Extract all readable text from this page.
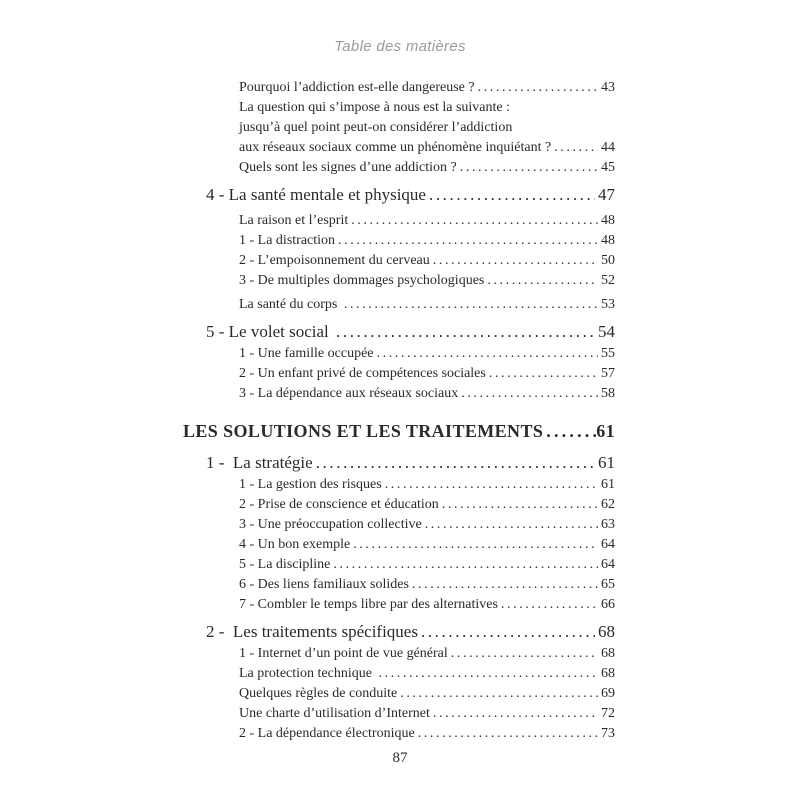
Table des matières
Pourquoi l’addiction est-elle dangereuse ? .....	43
La question qui s’impose à nous est la suivante :
jusqu’à quel point peut-on considérer l’addiction
aux réseaux sociaux comme un phénomène inquiétant ? .....	44
Quels sont les signes d’une addiction ? .....	45
4 - La santé mentale et physique .....	47
La raison et l’esprit .....	48
1 - La distraction .....	48
2 - L’empoisonnement du cerveau .....	50
3 - De multiples dommages psychologiques .....	52
La santé du corps .....	53
5 - Le volet social .....	54
1 - Une famille occupée .....	55
2 - Un enfant privé de compétences sociales .....	57
3 - La dépendance aux réseaux sociaux .....	58
LES SOLUTIONS ET LES TRAITEMENTS .....	61
1 -  La stratégie .....	61
1 - La gestion des risques .....	61
2 - Prise de conscience et éducation .....	62
3 - Une préoccupation collective .....	63
4 - Un bon exemple .....	64
5 - La discipline .....	64
6 - Des liens familiaux solides .....	65
7 - Combler le temps libre par des alternatives .....	66
2 -  Les traitements spécifiques .....	68
1 - Internet d’un point de vue général .....	68
La protection technique .....	68
Quelques règles de conduite .....	69
Une charte d’utilisation d’Internet .....	72
2 - La dépendance électronique .....	73
87
